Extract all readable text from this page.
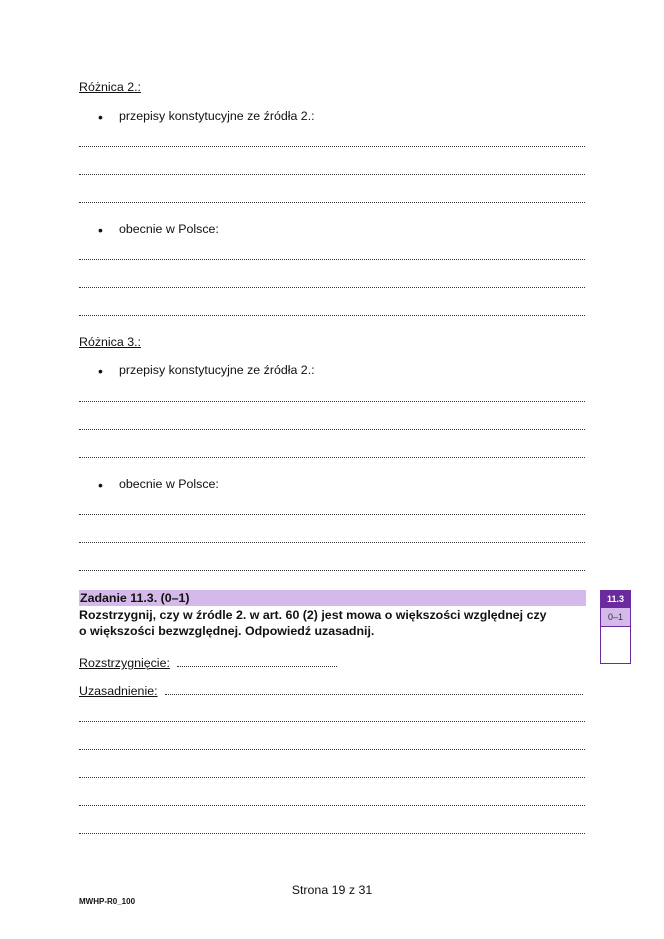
Różnica 2.:
• przepisy konstytucyjne ze źródła 2.:
• obecnie w Polsce:
Różnica 3.:
• przepisy konstytucyjne ze źródła 2.:
• obecnie w Polsce:
Zadanie 11.3. (0–1)
Rozstrzygnij, czy w źródle 2. w art. 60 (2) jest mowa o większości względnej czy
o większości bezwzględnej. Odpowiedź uzasadnij.
11.3
0–1
Rozstrzygnięcie:
Uzasadnienie:
Strona 19 z 31
MWHP-R0_100
